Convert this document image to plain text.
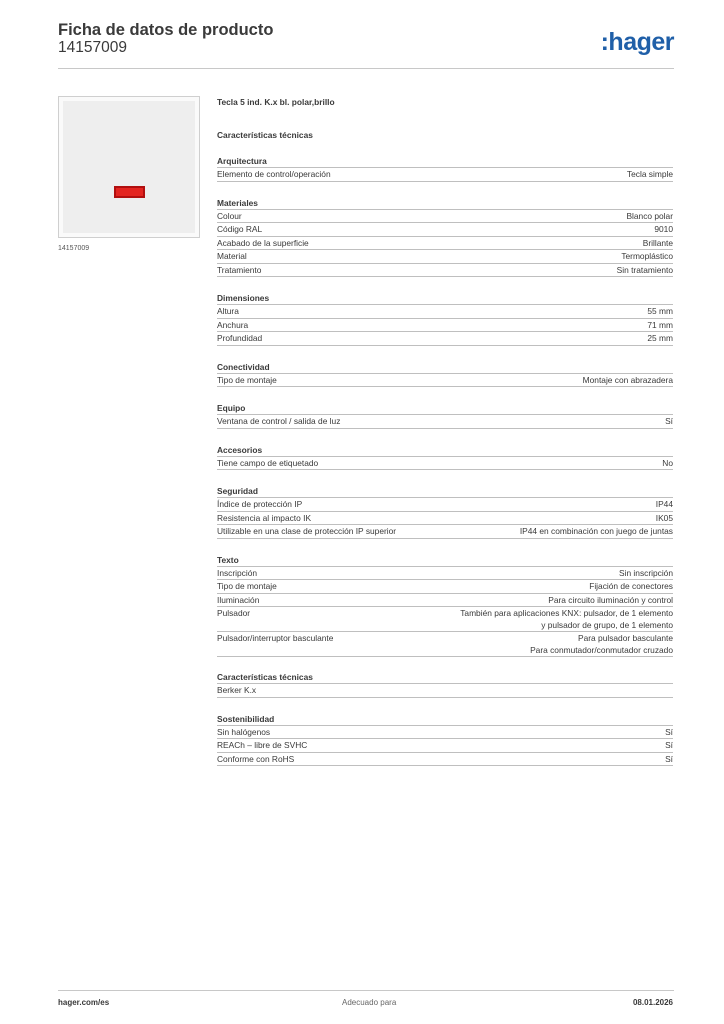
Ficha de datos de producto
14157009	:hager
14157009
Tecla 5 ind. K.x bl. polar,brillo
Características técnicas
Arquitectura
Elemento de control/operación	Tecla simple
Materiales
Colour	Blanco polar
Código RAL	9010
Acabado de la superficie	Brillante
Material	Termoplástico
Tratamiento	Sin tratamiento
Dimensiones
Altura	55 mm
Anchura	71 mm
Profundidad	25 mm
Conectividad
Tipo de montaje	Montaje con abrazadera
Equipo
Ventana de control / salida de luz	Sí
Accesorios
Tiene campo de etiquetado	No
Seguridad
Índice de protección IP	IP44
Resistencia al impacto IK	IK05
Utilizable en una clase de protección IP superior	IP44 en combinación con juego de juntas
Texto
Inscripción	Sin inscripción
Tipo de montaje	Fijación de conectores
Iluminación	Para circuito iluminación y control
Pulsador	También para aplicaciones KNX: pulsador, de 1 elemento
y pulsador de grupo, de 1 elemento
Pulsador/interruptor basculante	Para pulsador basculante
Para conmutador/conmutador cruzado
Características técnicas
Berker K.x
Sostenibilidad
Sin halógenos	Sí
REACh – libre de SVHC	Sí
Conforme con RoHS	Sí
hager.com/es	Adecuado para	08.01.2026
